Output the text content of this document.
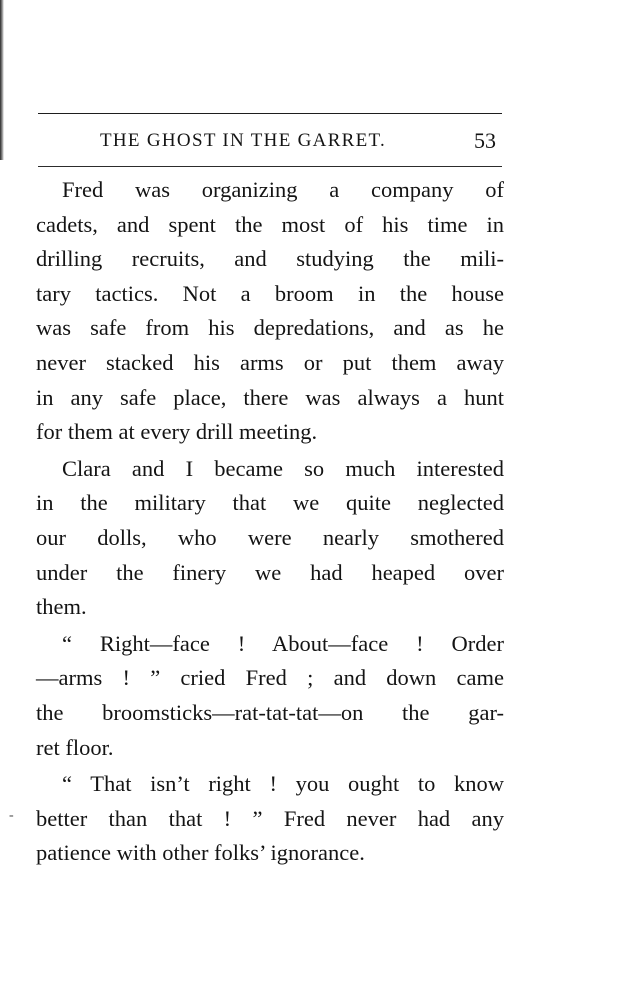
-
THE GHOST IN THE GARRET.	53
Fred was organizing a company of
cadets, and spent the most of his time in
drilling recruits, and studying the mili-
tary tactics. Not a broom in the house
was safe from his depredations, and as he
never stacked his arms or put them away
in any safe place, there was always a hunt
for them at every drill meeting.
Clara and I became so much interested
in the military that we quite neglected
our dolls, who were nearly smothered
under the finery we had heaped over
them.
“ Right—face ! About—face ! Order
—arms ! ” cried Fred ; and down came
the broomsticks—rat-tat-tat—on the gar-
ret floor.
“ That isn’t right ! you ought to know
better than that ! ” Fred never had any
patience with other folks’ ignorance.
